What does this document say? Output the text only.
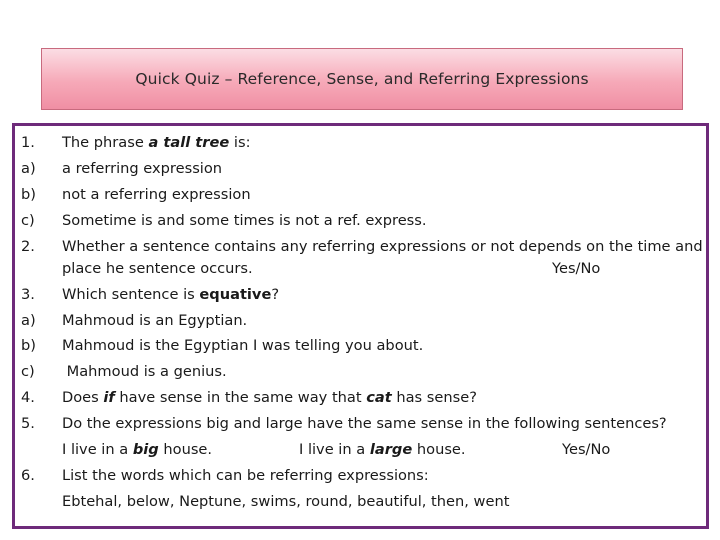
Quick Quiz – Reference, Sense, and Referring Expressions
1. The phrase a tall tree is:
a) a referring expression
b) not a referring expression
c) Sometime is and some times is not a ref. express.
2. Whether a sentence contains any referring expressions or not depends on the time and
place he sentence occurs.	Yes/No
3. Which sentence is equative?
a) Mahmoud is an Egyptian.
b) Mahmoud is the Egyptian I was telling you about.
c) Mahmoud is a genius.
4. Does if have sense in the same way that cat has sense?
5. Do the expressions big and large have the same sense in the following sentences?
I live in a big house.	I live in a large house.	Yes/No
6. List the words which can be referring expressions:
Ebtehal, below, Neptune, swims, round, beautiful, then, went
